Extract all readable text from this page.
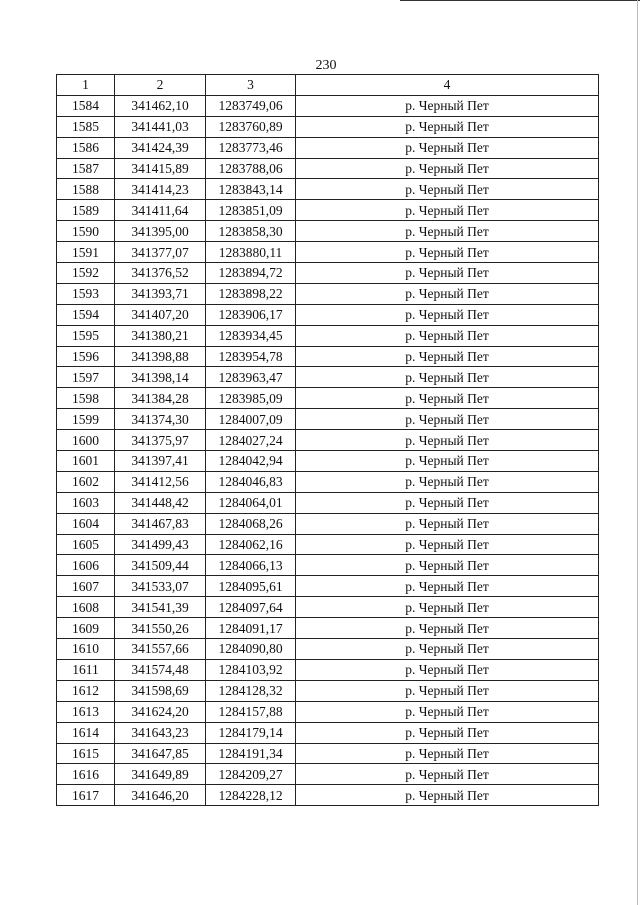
230
1	2	3	4
1584	341462,10	1283749,06	р. Черный Пет
1585	341441,03	1283760,89	р. Черный Пет
1586	341424,39	1283773,46	р. Черный Пет
1587	341415,89	1283788,06	р. Черный Пет
1588	341414,23	1283843,14	р. Черный Пет
1589	341411,64	1283851,09	р. Черный Пет
1590	341395,00	1283858,30	р. Черный Пет
1591	341377,07	1283880,11	р. Черный Пет
1592	341376,52	1283894,72	р. Черный Пет
1593	341393,71	1283898,22	р. Черный Пет
1594	341407,20	1283906,17	р. Черный Пет
1595	341380,21	1283934,45	р. Черный Пет
1596	341398,88	1283954,78	р. Черный Пет
1597	341398,14	1283963,47	р. Черный Пет
1598	341384,28	1283985,09	р. Черный Пет
1599	341374,30	1284007,09	р. Черный Пет
1600	341375,97	1284027,24	р. Черный Пет
1601	341397,41	1284042,94	р. Черный Пет
1602	341412,56	1284046,83	р. Черный Пет
1603	341448,42	1284064,01	р. Черный Пет
1604	341467,83	1284068,26	р. Черный Пет
1605	341499,43	1284062,16	р. Черный Пет
1606	341509,44	1284066,13	р. Черный Пет
1607	341533,07	1284095,61	р. Черный Пет
1608	341541,39	1284097,64	р. Черный Пет
1609	341550,26	1284091,17	р. Черный Пет
1610	341557,66	1284090,80	р. Черный Пет
1611	341574,48	1284103,92	р. Черный Пет
1612	341598,69	1284128,32	р. Черный Пет
1613	341624,20	1284157,88	р. Черный Пет
1614	341643,23	1284179,14	р. Черный Пет
1615	341647,85	1284191,34	р. Черный Пет
1616	341649,89	1284209,27	р. Черный Пет
1617	341646,20	1284228,12	р. Черный Пет
